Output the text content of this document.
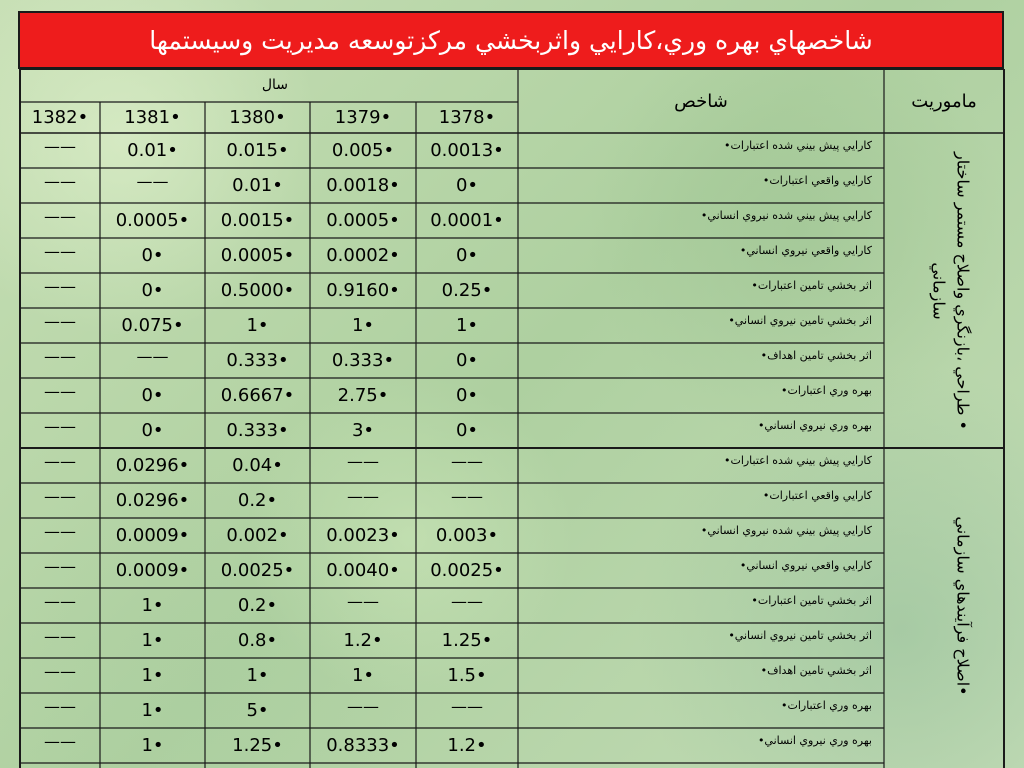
شاخصهاي بهره وري،كارايي واثربخشي مركزتوسعه مديريت وسيستمها
ماموريت
شاخص
سال
1378•
1379•
1380•
1381•
1382•
كارايي پيش بيني شده اعتبارات•
0.0013•
0.005•
0.015•
0.01•
——
كارايي واقعي اعتبارات•
0•
0.0018•
0.01•
——
——
كارايي پيش بيني شده نيروي انساني•
0.0001•
0.0005•
0.0015•
0.0005•
——
كارايي واقعي نيروي انساني•
0•
0.0002•
0.0005•
0•
——
اثر بخشي تامين اعتبارات•
0.25•
0.9160•
0.5000•
0•
——
اثر بخشي تامين نيروي انساني•
1•
1•
1•
0.075•
——
اثر بخشي تامين اهداف•
0•
0.333•
0.333•
——
——
بهره وري اعتبارات•
0•
2.75•
0.6667•
0•
——
بهره وري نيروي انساني•
0•
3•
0.333•
0•
——	• طراحي ،بازنگري واصلاح مستمر ساختار سازماني
كارايي پيش بيني شده اعتبارات•
——
——
0.04•
0.0296•
——
كارايي واقعي اعتبارات•
——
——
0.2•
0.0296•
——
كارايي پيش بيني شده نيروي انساني•
0.003•
0.0023•
0.002•
0.0009•
——
كارايي واقعي نيروي انساني•
0.0025•
0.0040•
0.0025•
0.0009•
——
اثر بخشي تامين اعتبارات•
——
——
0.2•
1•
——
اثر بخشي تامين نيروي انساني•
1.25•
1.2•
0.8•
1•
——
اثر بخشي تامين اهداف•
1.5•
1•
1•
1•
——
بهره وري اعتبارات•
——
——
5•
1•
——
بهره وري نيروي انساني•
1.2•
0.8333•
1.25•
1•
——
•اصلاح فرآيندهاي سازماني
